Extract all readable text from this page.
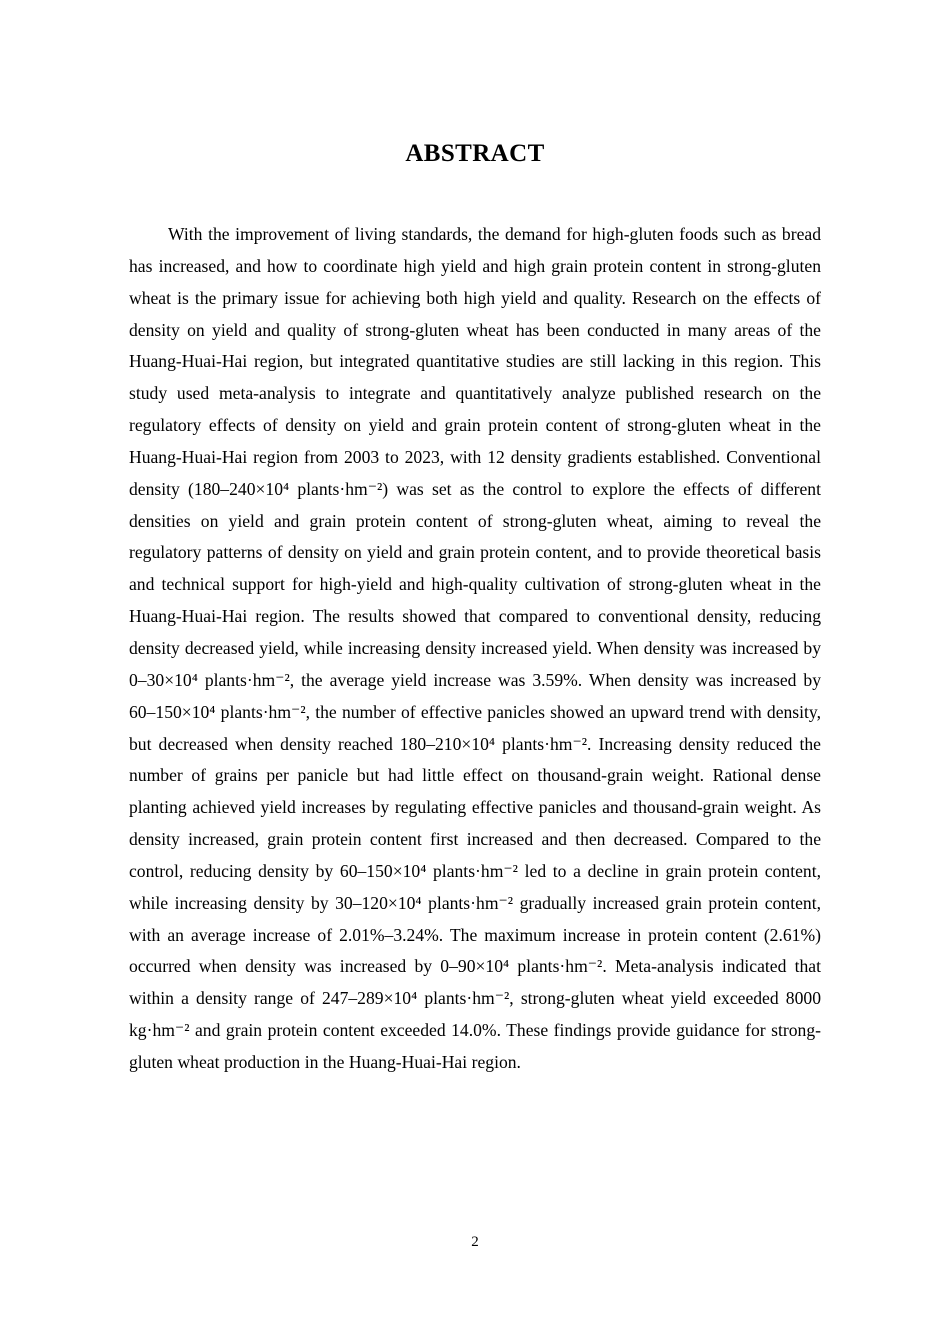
ABSTRACT

With the improvement of living standards, the demand for high-gluten foods such as bread has increased, and how to coordinate high yield and high grain protein content in strong-gluten wheat is the primary issue for achieving both high yield and quality. Research on the effects of density on yield and quality of strong-gluten wheat has been conducted in many areas of the Huang-Huai-Hai region, but integrated quantitative studies are still lacking in this region. This study used meta-analysis to integrate and quantitatively analyze published research on the regulatory effects of density on yield and grain protein content of strong-gluten wheat in the Huang-Huai-Hai region from 2003 to 2023, with 12 density gradients established. Conventional density (180–240×10⁴ plants·hm⁻²) was set as the control to explore the effects of different densities on yield and grain protein content of strong-gluten wheat, aiming to reveal the regulatory patterns of density on yield and grain protein content, and to provide theoretical basis and technical support for high-yield and high-quality cultivation of strong-gluten wheat in the Huang-Huai-Hai region. The results showed that compared to conventional density, reducing density decreased yield, while increasing density increased yield. When density was increased by 0–30×10⁴ plants·hm⁻², the average yield increase was 3.59%. When density was increased by 60–150×10⁴ plants·hm⁻², the number of effective panicles showed an upward trend with density, but decreased when density reached 180–210×10⁴ plants·hm⁻². Increasing density reduced the number of grains per panicle but had little effect on thousand-grain weight. Rational dense planting achieved yield increases by regulating effective panicles and thousand-grain weight. As density increased, grain protein content first increased and then decreased. Compared to the control, reducing density by 60–150×10⁴ plants·hm⁻² led to a decline in grain protein content, while increasing density by 30–120×10⁴ plants·hm⁻² gradually increased grain protein content, with an average increase of 2.01%–3.24%. The maximum increase in protein content (2.61%) occurred when density was increased by 0–90×10⁴ plants·hm⁻². Meta-analysis indicated that within a density range of 247–289×10⁴ plants·hm⁻², strong-gluten wheat yield exceeded 8000 kg·hm⁻² and grain protein content exceeded 14.0%. These findings provide guidance for strong-gluten wheat production in the Huang-Huai-Hai region.

2
